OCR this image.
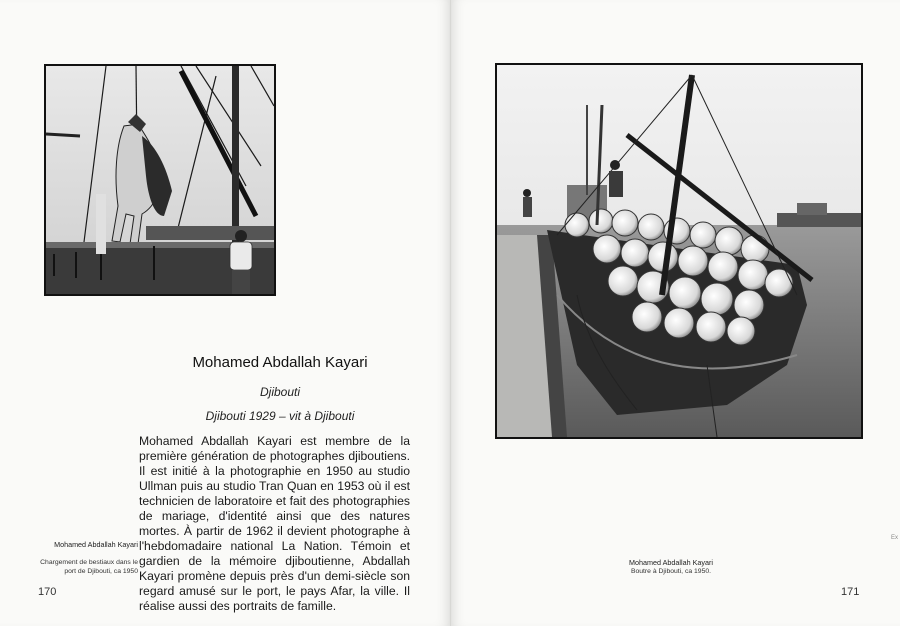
Mohamed Abdallah Kayari
Djibouti
Djibouti 1929 – vit à Djibouti
Mohamed Abdallah Kayari est membre de la première génération de photographes djiboutiens. Il est initié à la photographie en 1950 au studio Ullman puis au studio Tran Quan en 1953 où il est technicien de laboratoire et fait des photographies de mariage, d'identité ainsi que des natures mortes. À partir de 1962 il devient photographe à l'hebdomadaire national La Nation. Témoin et gardien de la mémoire djiboutienne, Abdallah Kayari promène depuis près d'un demi-siècle son regard amusé sur le port, le pays Afar, la ville. Il réalise aussi des portraits de famille.
Mohamed Abdallah Kayari
Chargement de bestiaux dans le port de Djibouti, ca 1950
170
Mohamed Abdallah Kayari
Boutre à Djibouti, ca 1950.
Ex
171
